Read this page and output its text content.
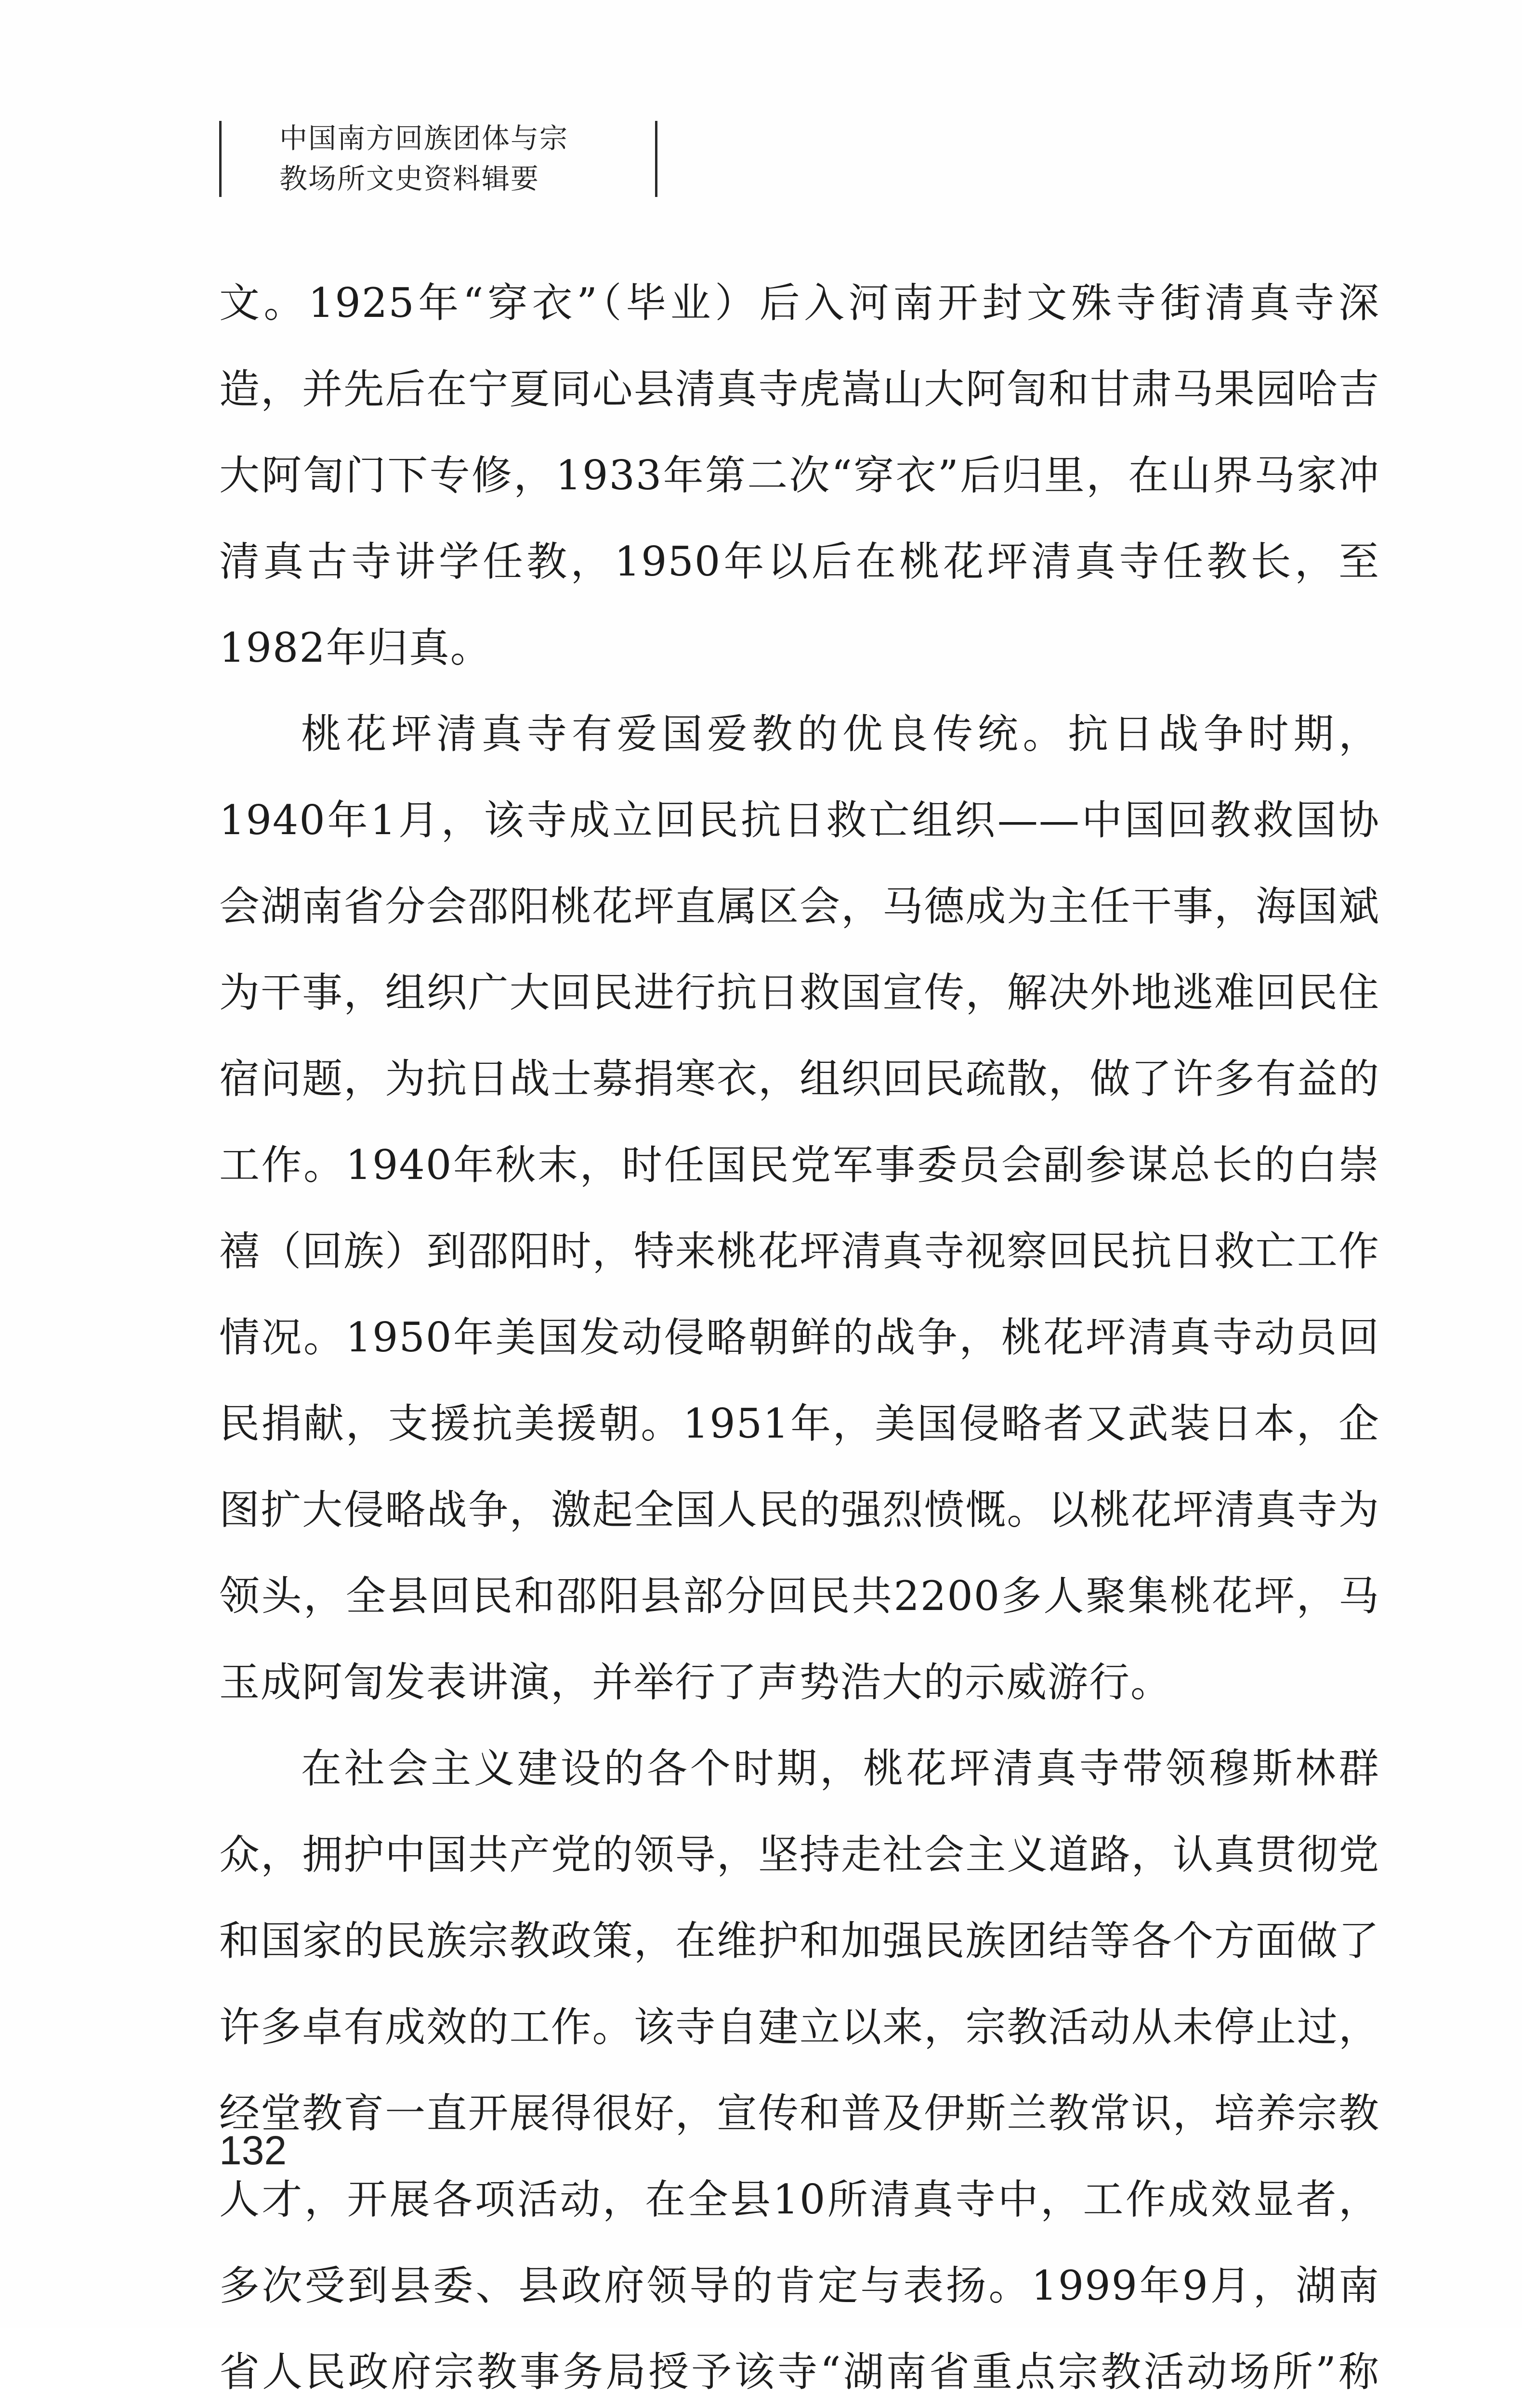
中国南方回族团体与宗
教场所文史资料辑要

文。1925年“穿衣”（毕业）后入河南开封文殊寺街清真寺深造，并先后在宁夏同心县清真寺虎嵩山大阿訇和甘肃马果园哈吉大阿訇门下专修，1933年第二次“穿衣”后归里，在山界马家冲清真古寺讲学任教，1950年以后在桃花坪清真寺任教长，至1982年归真。

桃花坪清真寺有爱国爱教的优良传统。抗日战争时期，1940年1月，该寺成立回民抗日救亡组织——中国回教救国协会湖南省分会邵阳桃花坪直属区会，马德成为主任干事，海国斌为干事，组织广大回民进行抗日救国宣传，解决外地逃难回民住宿问题，为抗日战士募捐寒衣，组织回民疏散，做了许多有益的工作。1940年秋末，时任国民党军事委员会副参谋总长的白崇禧（回族）到邵阳时，特来桃花坪清真寺视察回民抗日救亡工作情况。1950年美国发动侵略朝鲜的战争，桃花坪清真寺动员回民捐献，支援抗美援朝。1951年，美国侵略者又武装日本，企图扩大侵略战争，激起全国人民的强烈愤慨。以桃花坪清真寺为领头，全县回民和邵阳县部分回民共2200多人聚集桃花坪，马玉成阿訇发表讲演，并举行了声势浩大的示威游行。

在社会主义建设的各个时期，桃花坪清真寺带领穆斯林群众，拥护中国共产党的领导，坚持走社会主义道路，认真贯彻党和国家的民族宗教政策，在维护和加强民族团结等各个方面做了许多卓有成效的工作。该寺自建立以来，宗教活动从未停止过，经堂教育一直开展得很好，宣传和普及伊斯兰教常识，培养宗教人才，开展各项活动，在全县10所清真寺中，工作成效显者，多次受到县委、县政府领导的肯定与表扬。1999年9月，湖南省人民政府宗教事务局授予该寺“湖南省重点宗教活动场所”称

132
